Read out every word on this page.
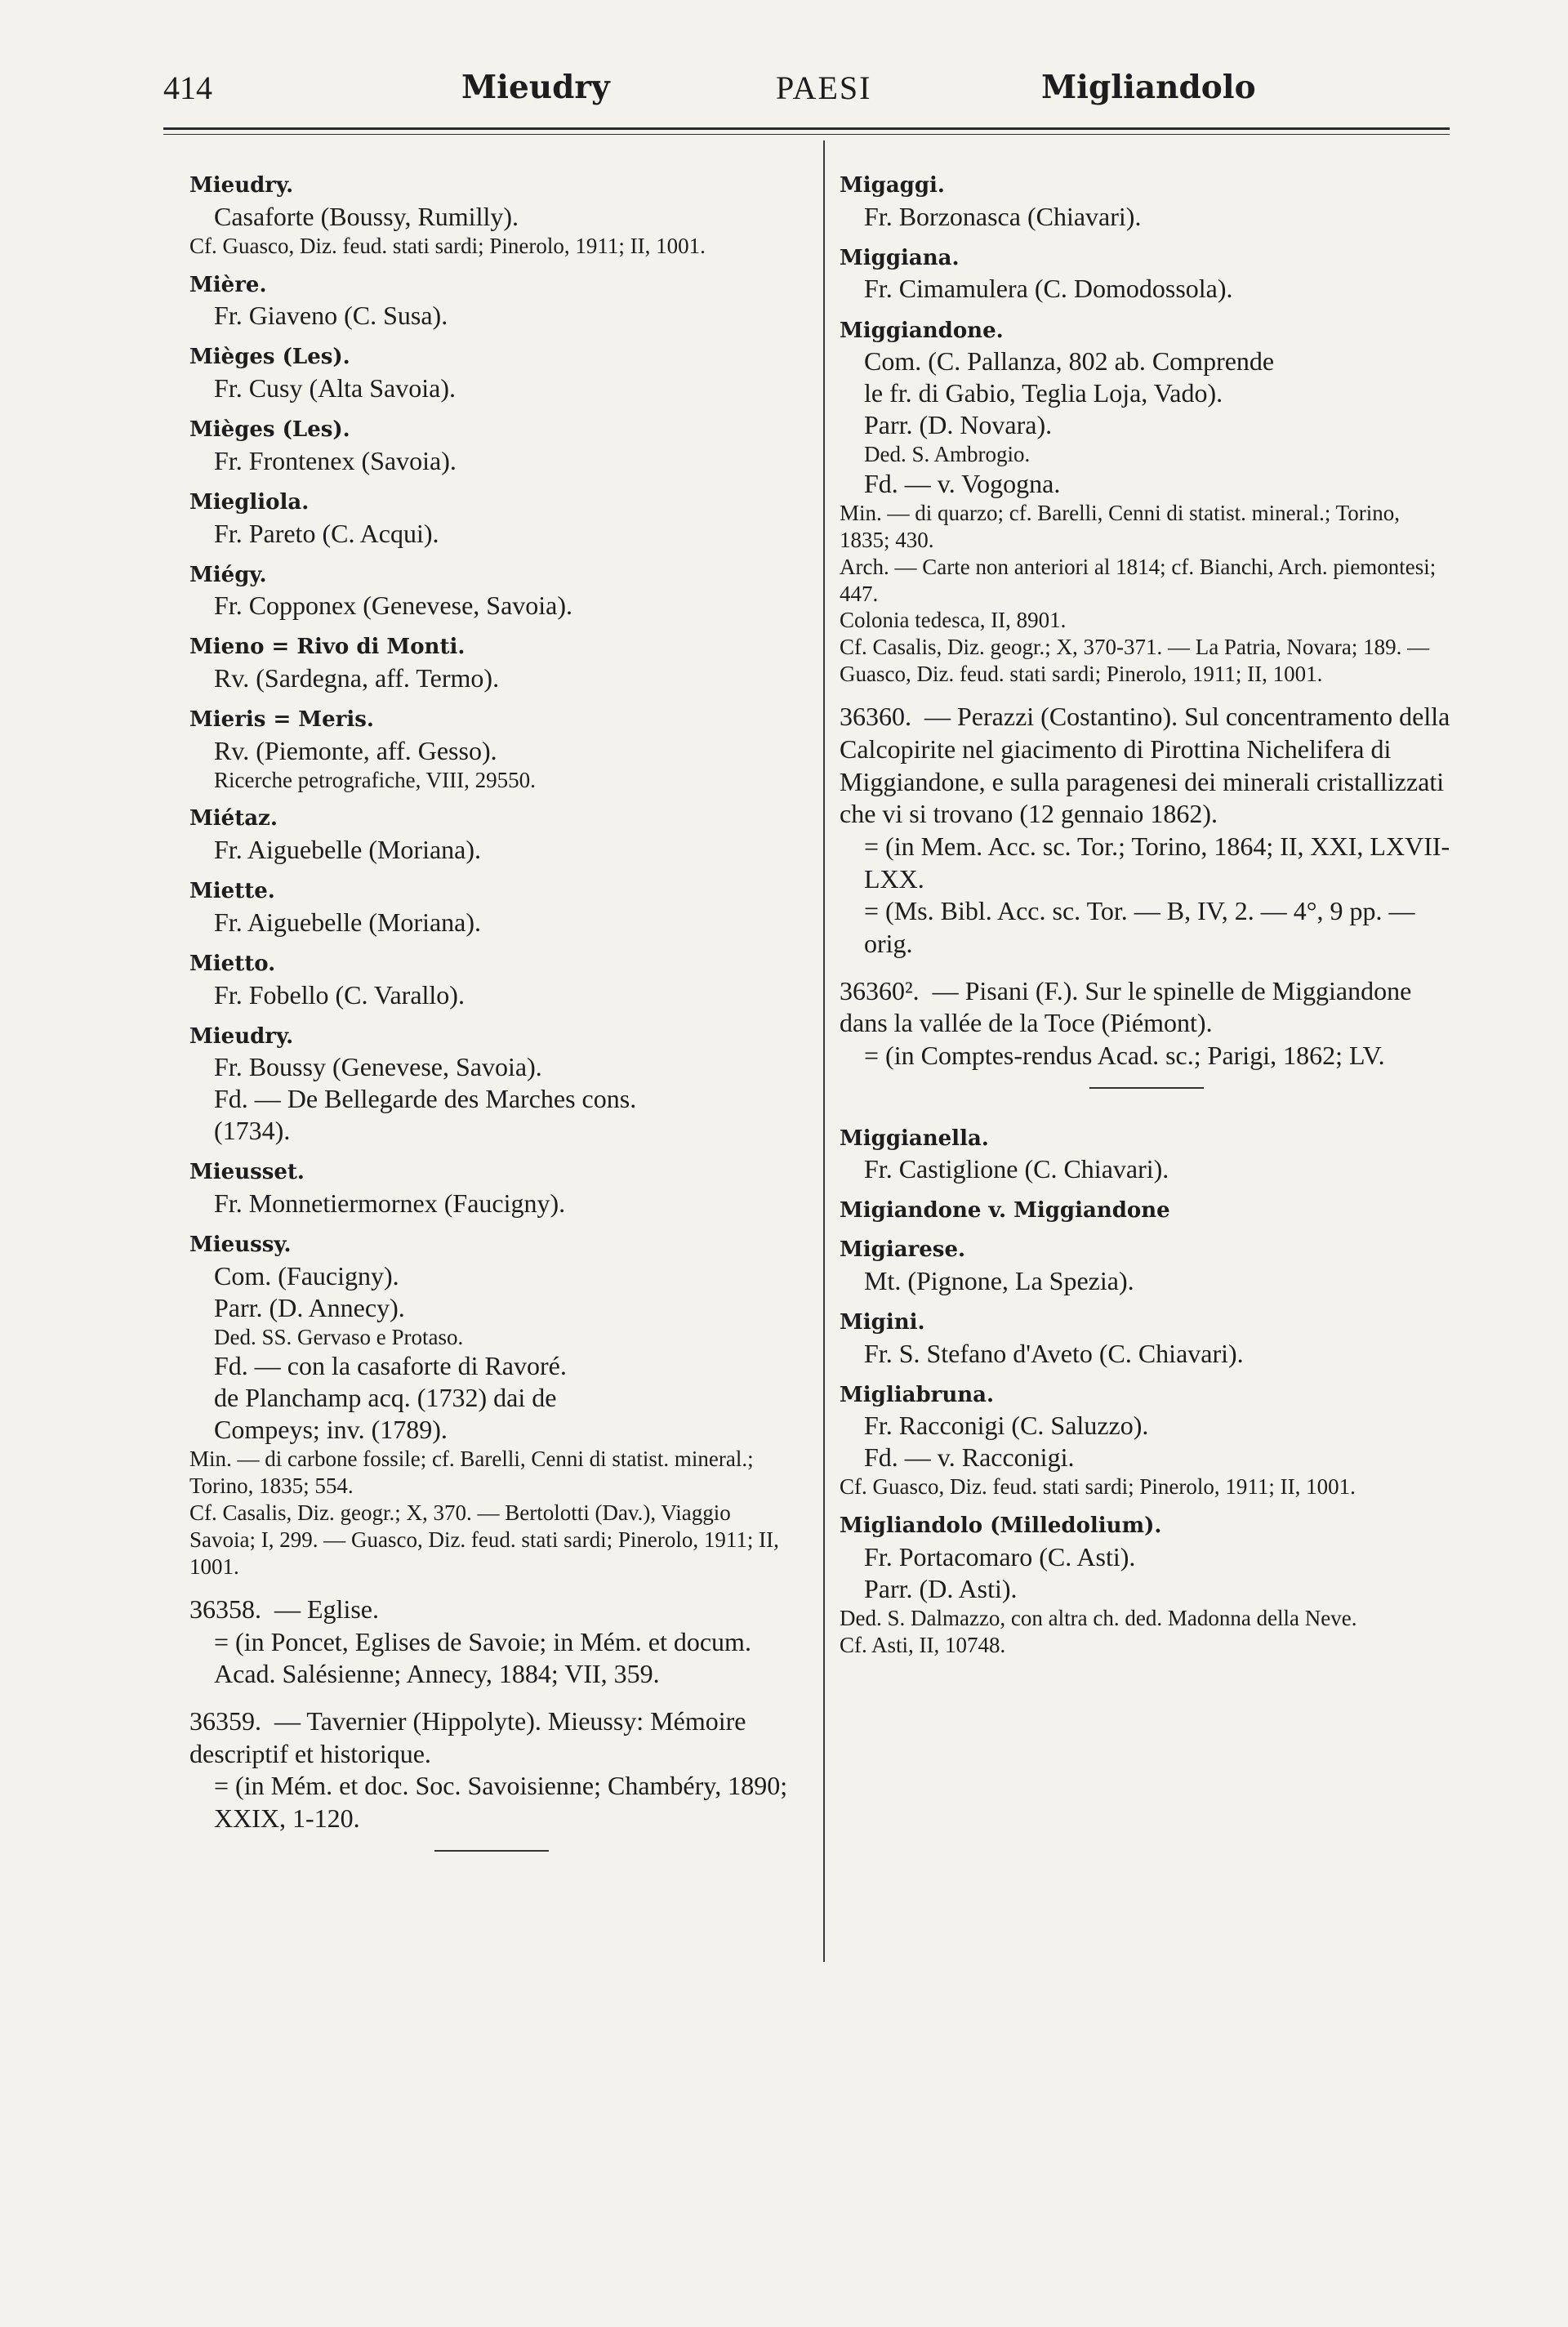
414	Mieudry	PAESI	Migliandolo
Mieudry.
Casaforte (Boussy, Rumilly).
Cf. Guasco, Diz. feud. stati sardi; Pinerolo, 1911; II, 1001.
Mière.
Fr. Giaveno (C. Susa).
Mièges (Les).
Fr. Cusy (Alta Savoia).
Mièges (Les).
Fr. Frontenex (Savoia).
Miegliola.
Fr. Pareto (C. Acqui).
Miégy.
Fr. Copponex (Genevese, Savoia).
Mieno = Rivo di Monti.
Rv. (Sardegna, aff. Termo).
Mieris = Meris.
Rv. (Piemonte, aff. Gesso).
Ricerche petrografiche, VIII, 29550.
Miétaz.
Fr. Aiguebelle (Moriana).
Miette.
Fr. Aiguebelle (Moriana).
Mietto.
Fr. Fobello (C. Varallo).
Mieudry.
Fr. Boussy (Genevese, Savoia).
Fd. — De Bellegarde des Marches cons.
(1734).
Mieusset.
Fr. Monnetiermornex (Faucigny).
Mieussy.
Com. (Faucigny).
Parr. (D. Annecy).
Ded. SS. Gervaso e Protaso.
Fd. — con la casaforte di Ravoré.
de Planchamp acq. (1732) dai de
Compeys; inv. (1789).
Min. — di carbone fossile; cf. Barelli, Cenni di statist. mineral.; Torino, 1835; 554.
Cf. Casalis, Diz. geogr.; X, 370. — Bertolotti (Dav.), Viaggio Savoia; I, 299. — Guasco, Diz. feud. stati sardi; Pinerolo, 1911; II, 1001.
36358.  — Eglise.
= (in Poncet, Eglises de Savoie; in Mém. et docum. Acad. Salésienne; Annecy, 1884; VII, 359.
36359.  — Tavernier (Hippolyte). Mieussy: Mémoire descriptif et historique.
= (in Mém. et doc. Soc. Savoisienne; Chambéry, 1890; XXIX, 1-120.
Migaggi.
Fr. Borzonasca (Chiavari).
Miggiana.
Fr. Cimamulera (C. Domodossola).
Miggiandone.
Com. (C. Pallanza, 802 ab. Comprende
le fr. di Gabio, Teglia Loja, Vado).
Parr. (D. Novara).
Ded. S. Ambrogio.
Fd. — v. Vogogna.
Min. — di quarzo; cf. Barelli, Cenni di statist. mineral.; Torino, 1835; 430.
Arch. — Carte non anteriori al 1814; cf. Bianchi, Arch. piemontesi; 447.
Colonia tedesca, II, 8901.
Cf. Casalis, Diz. geogr.; X, 370-371. — La Patria, Novara; 189. — Guasco, Diz. feud. stati sardi; Pinerolo, 1911; II, 1001.
36360.  — Perazzi (Costantino). Sul concentramento della Calcopirite nel giacimento di Pirottina Nichelifera di Miggiandone, e sulla paragenesi dei minerali cristallizzati che vi si trovano (12 gennaio 1862).
= (in Mem. Acc. sc. Tor.; Torino, 1864; II, XXI, LXVII-LXX.
= (Ms. Bibl. Acc. sc. Tor. — B, IV, 2. — 4°, 9 pp. — orig.
36360².  — Pisani (F.). Sur le spinelle de Miggiandone dans la vallée de la Toce (Piémont).
= (in Comptes-rendus Acad. sc.; Parigi, 1862; LV.
Miggianella.
Fr. Castiglione (C. Chiavari).
Migiandone v. Miggiandone
Migiarese.
Mt. (Pignone, La Spezia).
Migini.
Fr. S. Stefano d'Aveto (C. Chiavari).
Migliabruna.
Fr. Racconigi (C. Saluzzo).
Fd. — v. Racconigi.
Cf. Guasco, Diz. feud. stati sardi; Pinerolo, 1911; II, 1001.
Migliandolo (Milledolium).
Fr. Portacomaro (C. Asti).
Parr. (D. Asti).
Ded. S. Dalmazzo, con altra ch. ded. Madonna della Neve.
Cf. Asti, II, 10748.
